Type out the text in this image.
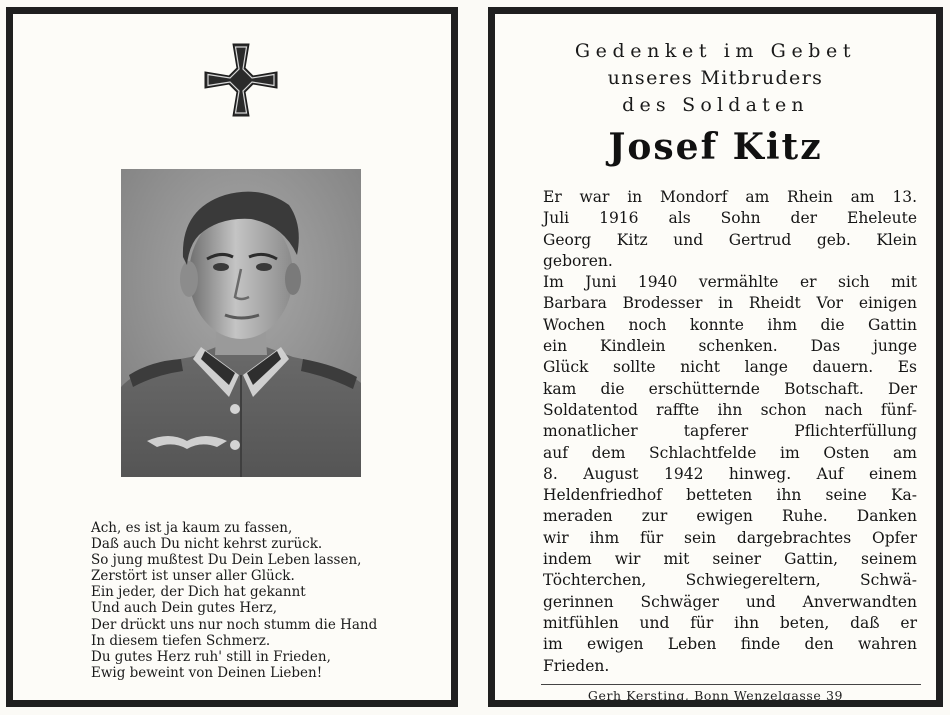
Ach, es ist ja kaum zu fassen,
Daß auch Du nicht kehrst zurück.
So jung mußtest Du Dein Leben lassen,
Zerstört ist unser aller Glück.
Ein jeder, der Dich hat gekannt
Und auch Dein gutes Herz,
Der drückt uns nur noch stumm die Hand
In diesem tiefen Schmerz.
Du gutes Herz ruh' still in Frieden,
Ewig beweint von Deinen Lieben!
Gedenket im Gebet
unseres Mitbruders
des Soldaten
Josef Kitz
Er war in Mondorf am Rhein am 13.
Juli 1916 als Sohn der Eheleute
Georg Kitz und Gertrud geb. Klein
geboren.
Im Juni 1940 vermählte er sich mit
Barbara Brodesser in Rheidt Vor einigen
Wochen noch konnte ihm die Gattin
ein Kindlein schenken. Das junge
Glück sollte nicht lange dauern. Es
kam die erschütternde Botschaft. Der
Soldatentod raffte ihn schon nach fünf-
monatlicher tapferer Pflichterfüllung
auf dem Schlachtfelde im Osten am
8. August 1942 hinweg. Auf einem
Heldenfriedhof betteten ihn seine Ka-
meraden zur ewigen Ruhe. Danken
wir ihm für sein dargebrachtes Opfer
indem wir mit seiner Gattin, seinem
Töchterchen, Schwiegereltern, Schwä-
gerinnen Schwäger und Anverwandten
mitfühlen und für ihn beten, daß er
im ewigen Leben finde den wahren
Frieden.
Gerh Kersting, Bonn Wenzelgasse 39
